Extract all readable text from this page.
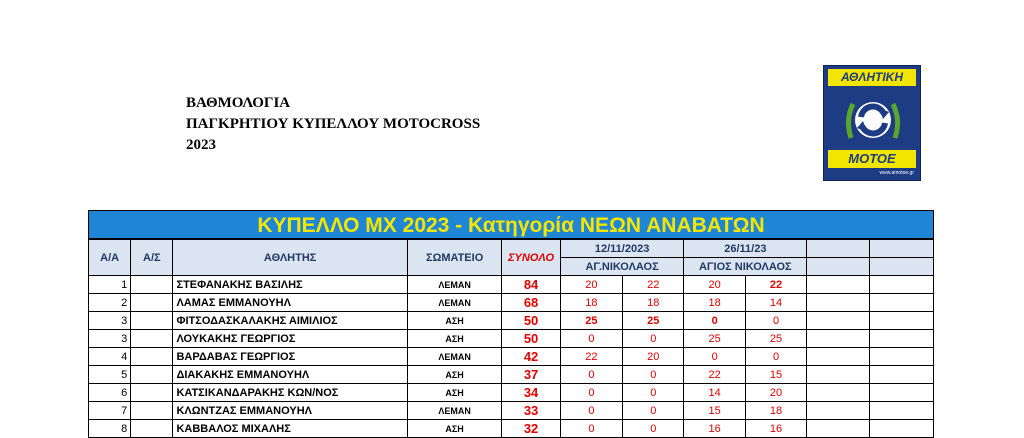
ΒΑΘΜΟΛΟΓΙΑ
ΠΑΓΚΡΗΤΙΟΥ ΚΥΠΕΛΛΟΥ MOTOCROSS
2023
ΑΘΛΗΤΙΚΗ
ΜΟΤΟΕ
www.amotoe.gr
ΚΥΠΕΛΛΟ ΜΧ 2023 - Κατηγορία ΝΕΩΝ ΑΝΑΒΑΤΩΝ
Α/Α	Α/Σ	ΑΘΛΗΤΗΣ	ΣΩΜΑΤΕΙΟ	ΣΥΝΟΛΟ	12/11/2023		26/11/23			
					ΑΓ.ΝΙΚΟΛΑΟΣ		ΑΓΙΟΣ ΝΙΚΟΛΑΟΣ			
1		ΣΤΕΦΑΝΑΚΗΣ ΒΑΣΙΛΗΣ	ΛΕΜΑΝ	84	20	22	20	22		
2		ΛΑΜΑΣ ΕΜΜΑΝΟΥΗΛ	ΛΕΜΑΝ	68	18	18	18	14		
3		ΦΙΤΣΟΔΑΣΚΑΛΑΚΗΣ ΑΙΜΙΛΙΟΣ	ΑΣΗ	50	25	25	0	0		
3		ΛΟΥΚΑΚΗΣ ΓΕΩΡΓΙΟΣ	ΑΣΗ	50	0	0	25	25		
4		ΒΑΡΔΑΒΑΣ ΓΕΩΡΓΙΟΣ	ΛΕΜΑΝ	42	22	20	0	0		
5		ΔΙΑΚΑΚΗΣ ΕΜΜΑΝΟΥΗΛ	ΑΣΗ	37	0	0	22	15		
6		ΚΑΤΣΙΚΑΝΔΑΡΑΚΗΣ ΚΩΝ/ΝΟΣ	ΑΣΗ	34	0	0	14	20		
7		ΚΛΩΝΤΖΑΣ ΕΜΜΑΝΟΥΗΛ	ΛΕΜΑΝ	33	0	0	15	18		
8		ΚΑΒΒΑΛΟΣ ΜΙΧΑΛΗΣ	ΑΣΗ	32	0	0	16	16		
